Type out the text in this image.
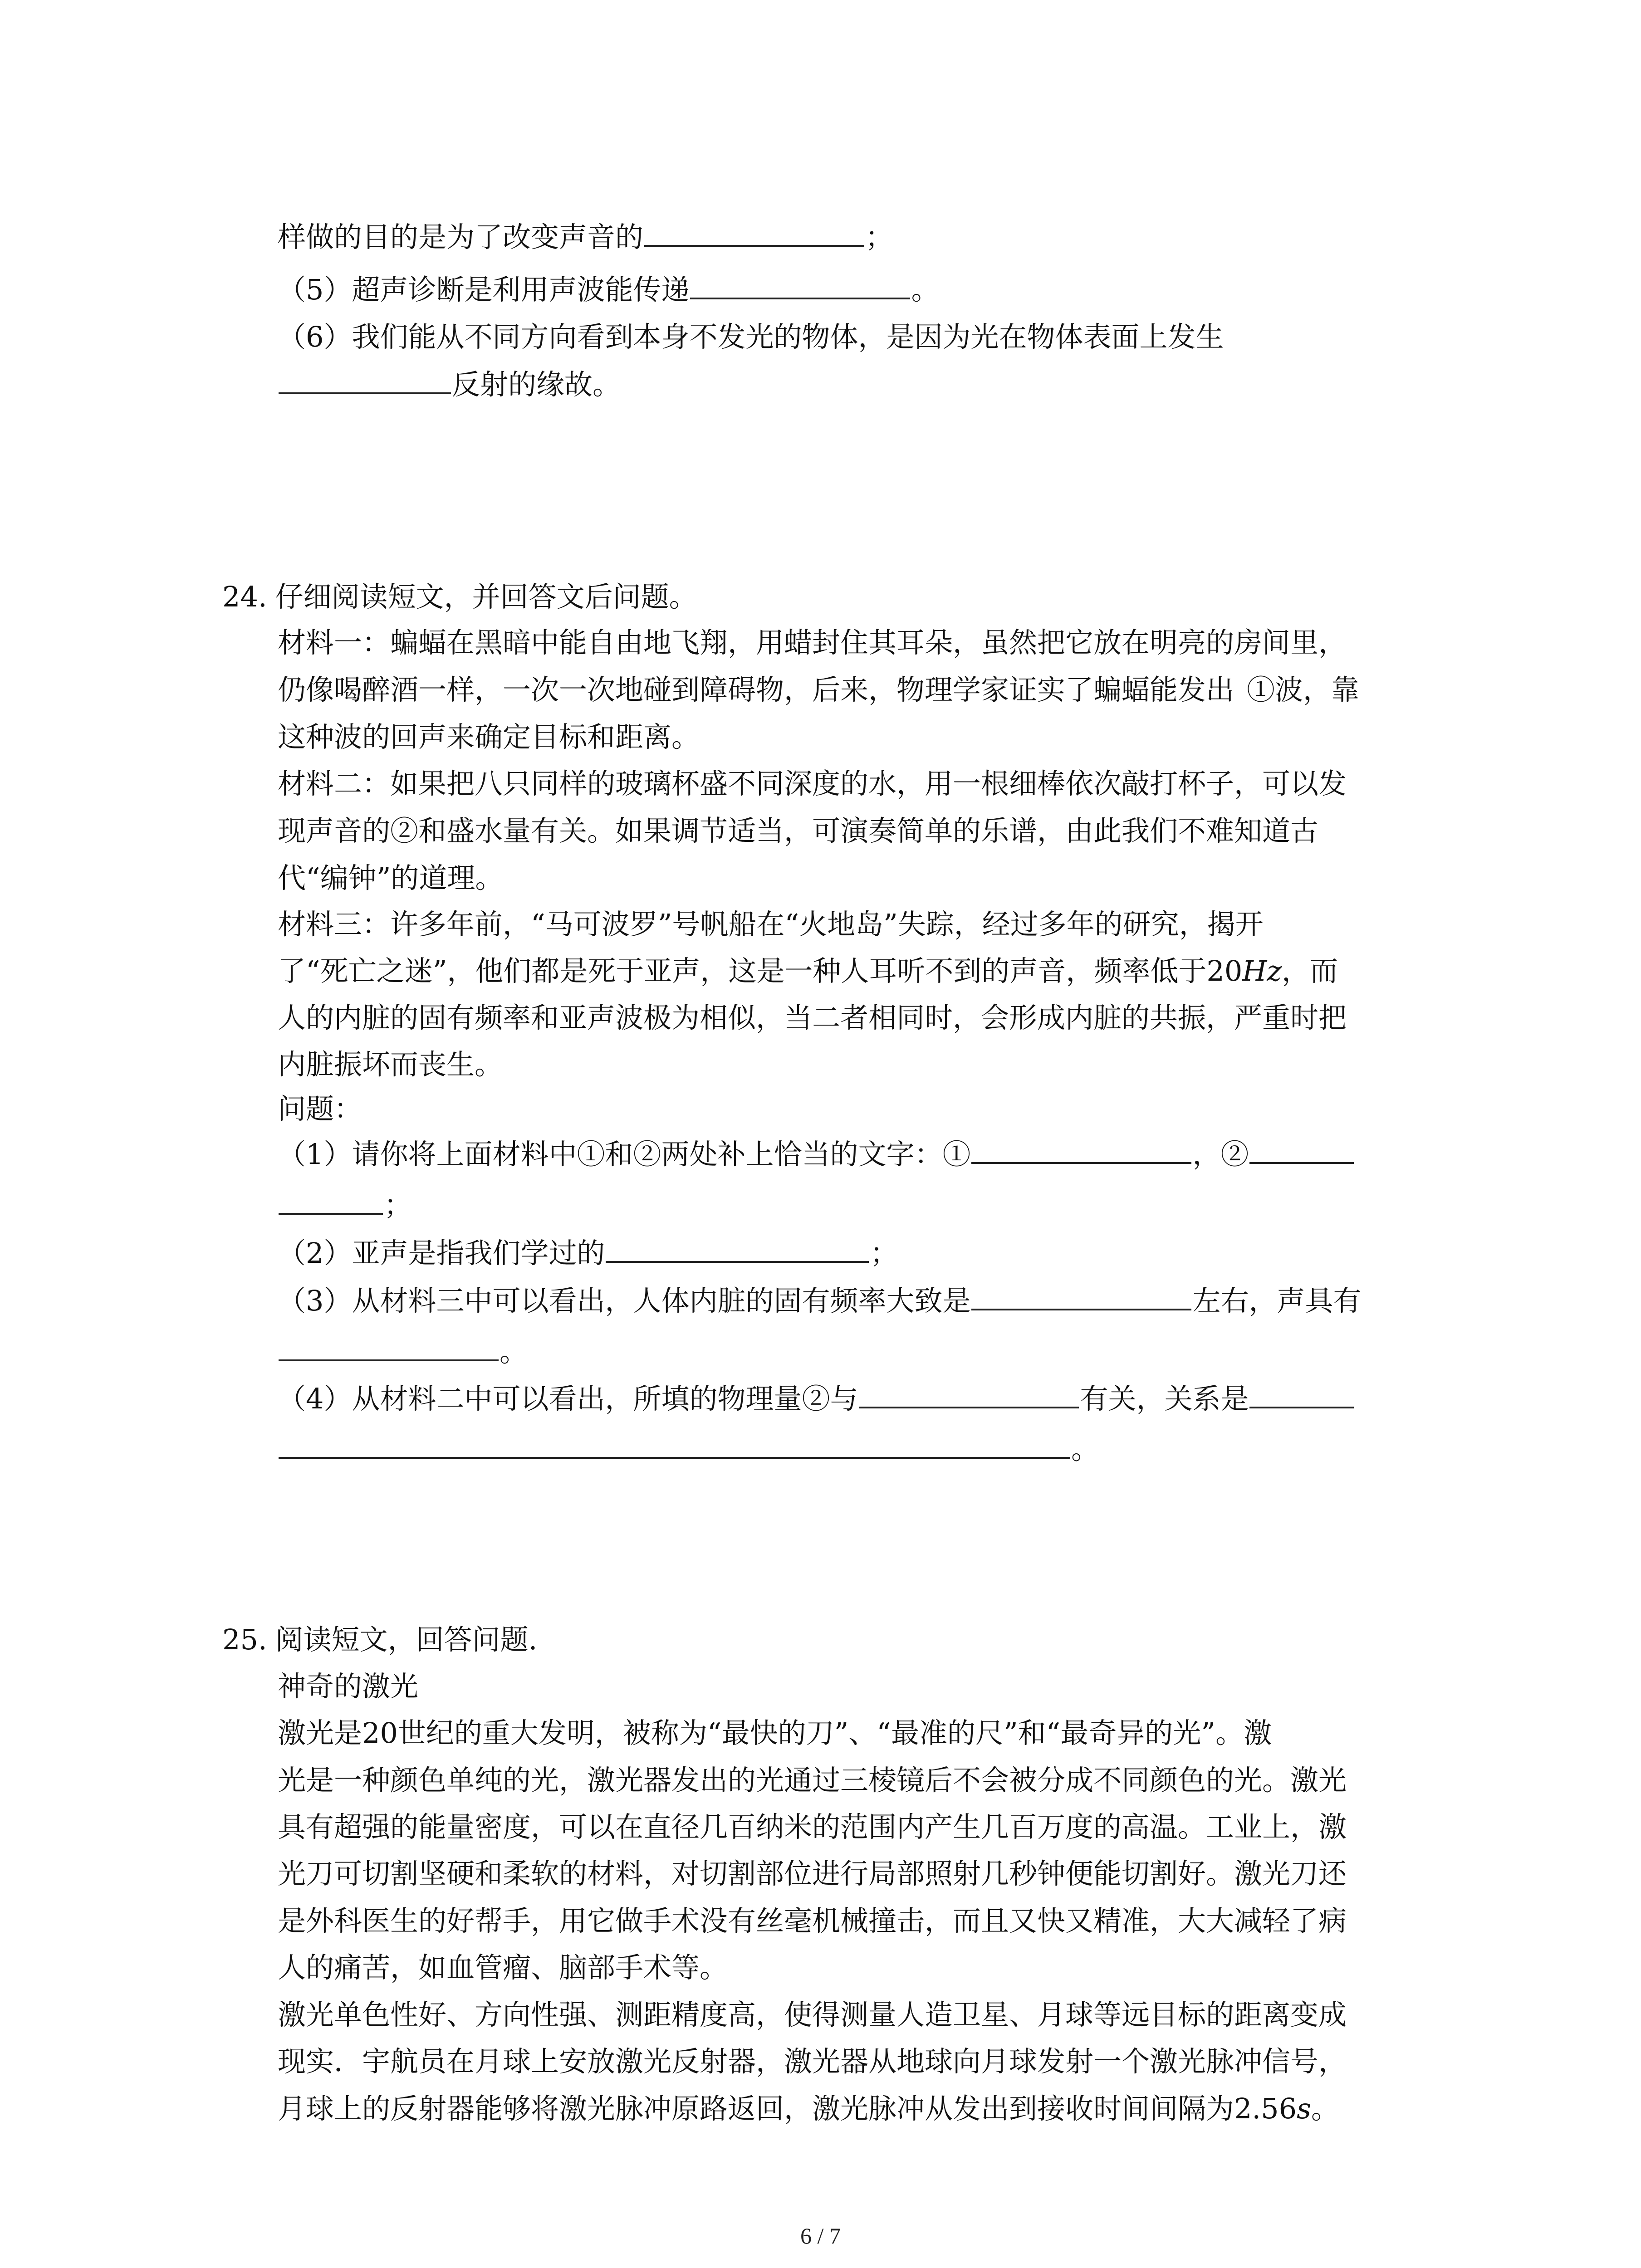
样做的目的是为了改变声音的	；
（5）超声诊断是利用声波能传递	。
（6）我们能从不同方向看到本身不发光的物体，是因为光在物体表面上发生
反射的缘故。
24. 仔细阅读短文，并回答文后问题。
材料一：蝙蝠在黑暗中能自由地飞翔，用蜡封住其耳朵，虽然把它放在明亮的房间里，
仍像喝醉酒一样，一次一次地碰到障碍物，后来，物理学家证实了蝙蝠能发出 ①波，靠
这种波的回声来确定目标和距离。
材料二：如果把八只同样的玻璃杯盛不同深度的水，用一根细棒依次敲打杯子，可以发
现声音的②和盛水量有关。如果调节适当，可演奏简单的乐谱，由此我们不难知道古
代“编钟”的道理。
材料三：许多年前，“马可波罗”号帆船在“火地岛”失踪，经过多年的研究，揭开
了“死亡之迷”，他们都是死于亚声，这是一种人耳听不到的声音，频率低于20Hz，而
人的内脏的固有频率和亚声波极为相似，当二者相同时，会形成内脏的共振，严重时把
内脏振坏而丧生。
问题：
（1）请你将上面材料中①和②两处补上恰当的文字：①	，②
；
（2）亚声是指我们学过的	；
（3）从材料三中可以看出，人体内脏的固有频率大致是	左右，声具有
。
（4）从材料二中可以看出，所填的物理量②与	有关，关系是
。
25. 阅读短文，回答问题.
神奇的激光
激光是20世纪的重大发明，被称为“最快的刀”、“最准的尺”和“最奇异的光”。激
光是一种颜色单纯的光，激光器发出的光通过三棱镜后不会被分成不同颜色的光。激光
具有超强的能量密度，可以在直径几百纳米的范围内产生几百万度的高温。工业上，激
光刀可切割坚硬和柔软的材料，对切割部位进行局部照射几秒钟便能切割好。激光刀还
是外科医生的好帮手，用它做手术没有丝毫机械撞击，而且又快又精准，大大减轻了病
人的痛苦，如血管瘤、脑部手术等。
激光单色性好、方向性强、测距精度高，使得测量人造卫星、月球等远目标的距离变成
现实．宇航员在月球上安放激光反射器，激光器从地球向月球发射一个激光脉冲信号，
月球上的反射器能够将激光脉冲原路返回，激光脉冲从发出到接收时间间隔为2.56s。
6 / 7
